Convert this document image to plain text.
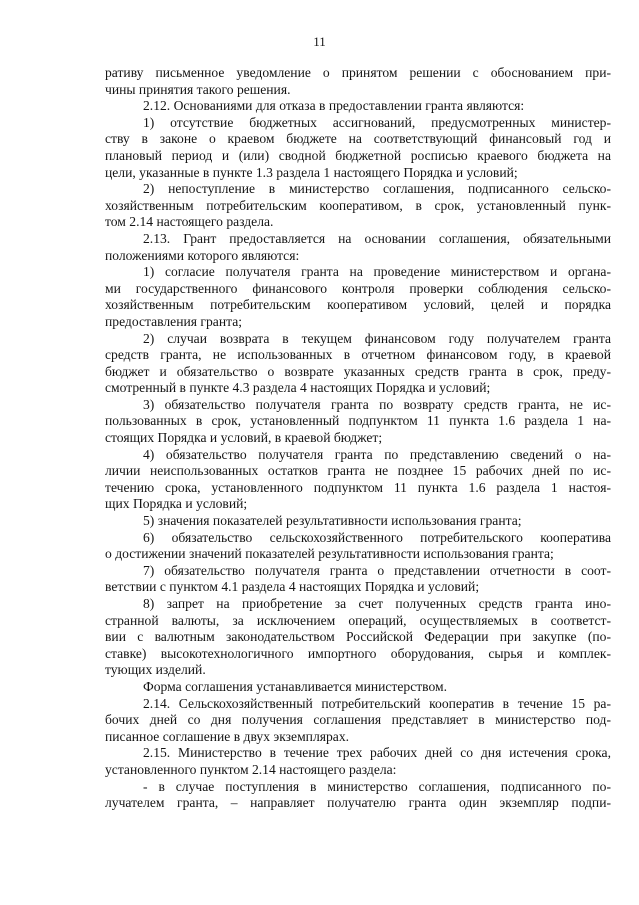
11
ративу письменное уведомление о принятом решении с обоснованием при-
чины принятия такого решения.
2.12. Основаниями для отказа в предоставлении гранта являются:
1) отсутствие бюджетных ассигнований, предусмотренных министер-
ству в законе о краевом бюджете на соответствующий финансовый год и
плановый период и (или) сводной бюджетной росписью краевого бюджета на
цели, указанные в пункте 1.3 раздела 1 настоящего Порядка и условий;
2) непоступление в министерство соглашения, подписанного сельско-
хозяйственным потребительским кооперативом, в срок, установленный пунк-
том 2.14 настоящего раздела.
2.13. Грант предоставляется на основании соглашения, обязательными
положениями которого являются:
1) согласие получателя гранта на проведение министерством и органа-
ми государственного финансового контроля проверки соблюдения сельско-
хозяйственным потребительским кооперативом условий, целей и порядка
предоставления гранта;
2) случаи возврата в текущем финансовом году получателем гранта
средств гранта, не использованных в отчетном финансовом году, в краевой
бюджет и обязательство о возврате указанных средств гранта в срок, преду-
смотренный в пункте 4.3 раздела 4 настоящих Порядка и условий;
3) обязательство получателя гранта по возврату средств гранта, не ис-
пользованных в срок, установленный подпунктом 11 пункта 1.6 раздела 1 на-
стоящих Порядка и условий, в краевой бюджет;
4) обязательство получателя гранта по представлению сведений о на-
личии неиспользованных остатков гранта не позднее 15 рабочих дней по ис-
течению срока, установленного подпунктом 11 пункта 1.6 раздела 1 настоя-
щих Порядка и условий;
5) значения показателей результативности использования гранта;
6) обязательство сельскохозяйственного потребительского кооператива
о достижении значений показателей результативности использования гранта;
7) обязательство получателя гранта о представлении отчетности в соот-
ветствии с пунктом 4.1 раздела 4 настоящих Порядка и условий;
8) запрет на приобретение за счет полученных средств гранта ино-
странной валюты, за исключением операций, осуществляемых в соответст-
вии с валютным законодательством Российской Федерации при закупке (по-
ставке) высокотехнологичного импортного оборудования, сырья и комплек-
тующих изделий.
Форма соглашения устанавливается министерством.
2.14. Сельскохозяйственный потребительский кооператив в течение 15 ра-
бочих дней со дня получения соглашения представляет в министерство под-
писанное соглашение в двух экземплярах.
2.15. Министерство в течение трех рабочих дней со дня истечения срока,
установленного пунктом 2.14 настоящего раздела:
- в случае поступления в министерство соглашения, подписанного по-
лучателем гранта, – направляет получателю гранта один экземпляр подпи-
